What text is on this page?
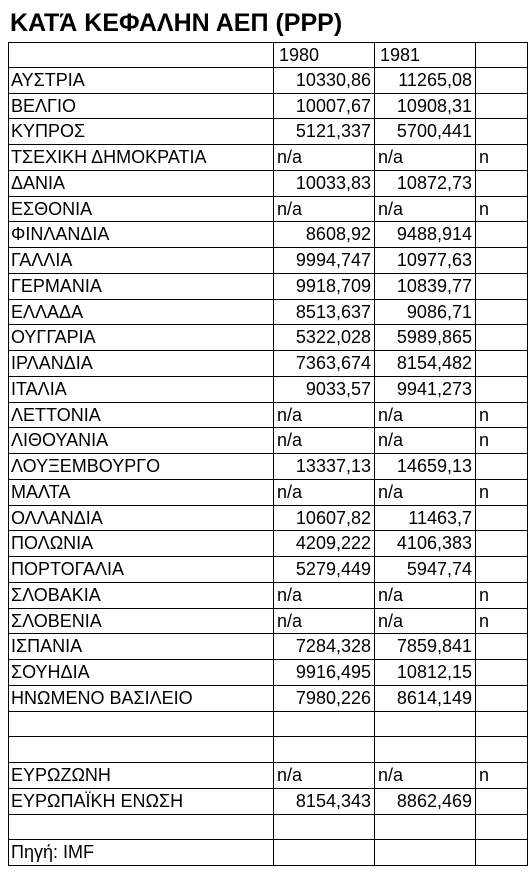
ΚΑΤΆ ΚΕΦΑΛΗΝ ΑΕΠ (PPP)
1980	1981
ΑΥΣΤΡΙΑ	10330,86	11265,08
ΒΕΛΓΙΟ	10007,67	10908,31
ΚΥΠΡΟΣ	5121,337	5700,441
ΤΣΕΧΙΚΗ ΔΗΜΟΚΡΑΤΙΑ	n/a	n/a	n
ΔΑΝΙΑ	10033,83	10872,73
ΕΣΘΟΝΙΑ	n/a	n/a	n
ΦΙΝΛΑΝΔΙΑ	8608,92	9488,914
ΓΑΛΛΙΑ	9994,747	10977,63
ΓΕΡΜΑΝΙΑ	9918,709	10839,77
ΕΛΛΑΔΑ	8513,637	9086,71
ΟΥΓΓΑΡΙΑ	5322,028	5989,865
ΙΡΛΑΝΔΙΑ	7363,674	8154,482
ΙΤΑΛΙΑ	9033,57	9941,273
ΛΕΤΤΟΝΙΑ	n/a	n/a	n
ΛΙΘΟΥΑΝΙΑ	n/a	n/a	n
ΛΟΥΞΕΜΒΟΥΡΓΟ	13337,13	14659,13
ΜΑΛΤΑ	n/a	n/a	n
ΟΛΛΑΝΔΙΑ	10607,82	11463,7
ΠΟΛΩΝΙΑ	4209,222	4106,383
ΠΟΡΤΟΓΑΛΙΑ	5279,449	5947,74
ΣΛΟΒΑΚΙΑ	n/a	n/a	n
ΣΛΟΒΕΝΙΑ	n/a	n/a	n
ΙΣΠΑΝΙΑ	7284,328	7859,841
ΣΟΥΗΔΙΑ	9916,495	10812,15
ΗΝΩΜΕΝΟ ΒΑΣΙΛΕΙΟ	7980,226	8614,149
ΕΥΡΩΖΩΝΗ	n/a	n/a	n
ΕΥΡΩΠΑΪΚΗ ΕΝΩΣΗ	8154,343	8862,469
Πηγή: IMF
